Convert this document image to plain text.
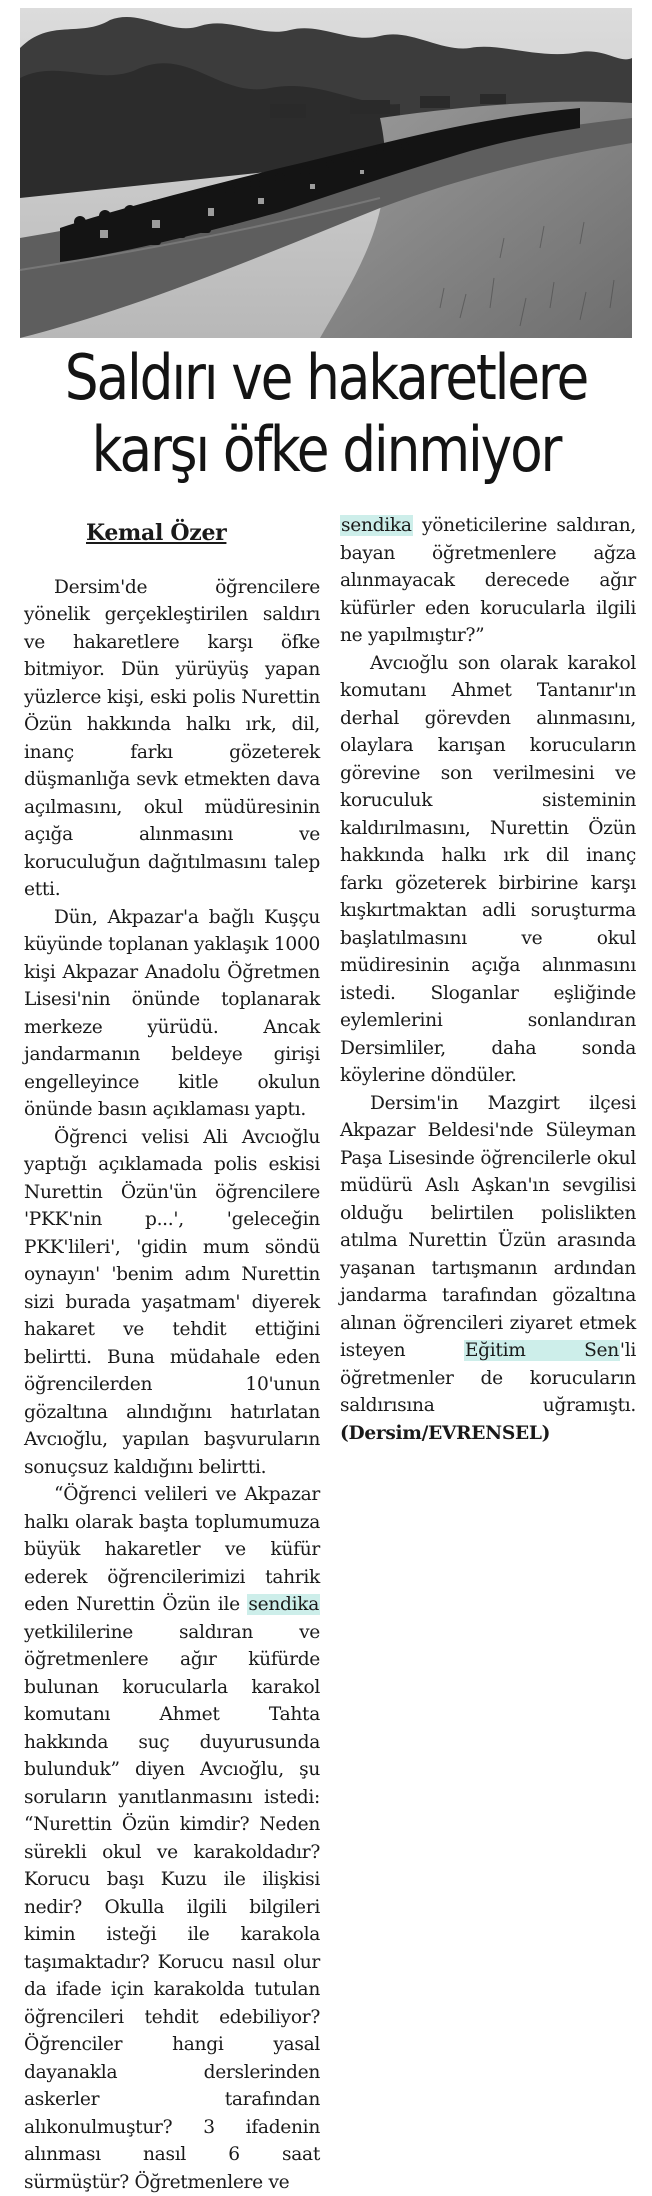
Saldırı ve hakaretlere
karşı öfke dinmiyor
Kemal Özer

Dersim'de öğrencilere yönelik gerçekleştirilen saldırı ve hakaretlere karşı öfke bitmiyor. Dün yürüyüş yapan yüzlerce kişi, eski polis Nurettin Özün hakkında halkı ırk, dil, inanç farkı gözeterek düşmanlığa sevk etmekten dava açılmasını, okul müdüresinin açığa alınmasını ve koruculuğun dağıtılmasını talep etti.

Dün, Akpazar'a bağlı Kuşçu küyünde toplanan yaklaşık 1000 kişi Akpazar Anadolu Öğretmen Lisesi'nin önünde toplanarak merkeze yürüdü. Ancak jandarmanın beldeye girişi engelleyince kitle okulun önünde basın açıklaması yaptı.

Öğrenci velisi Ali Avcıoğlu yaptığı açıklamada polis eskisi Nurettin Özün'ün öğrencilere 'PKK'nin p...', 'geleceğin PKK'lileri', 'gidin mum söndü oynayın' 'benim adım Nurettin sizi burada yaşatmam' diyerek hakaret ve tehdit ettiğini belirtti. Buna müdahale eden öğrencilerden 10'unun gözaltına alındığını hatırlatan Avcıoğlu, yapılan başvuruların sonuçsuz kaldığını belirtti.

“Öğrenci velileri ve Akpazar halkı olarak başta toplumumuza büyük hakaretler ve küfür ederek öğrencilerimizi tahrik eden Nurettin Özün ile sendika yetkililerine saldıran ve öğretmenlere ağır küfürde bulunan korucularla karakol komutanı Ahmet Tahta hakkında suç duyurusunda bulunduk” diyen Avcıoğlu, şu soruların yanıtlanmasını istedi: “Nurettin Özün kimdir? Neden sürekli okul ve karakoldadır? Korucu başı Kuzu ile ilişkisi nedir? Okulla ilgili bilgileri kimin isteği ile karakola taşımaktadır? Korucu nasıl olur da ifade için karakolda tutulan öğrencileri tehdit edebiliyor? Öğrenciler hangi yasal dayanakla derslerinden askerler tarafından alıkonulmuştur? 3 ifadenin alınması nasıl 6 saat sürmüştür? Öğretmenlere ve

sendika yöneticilerine saldıran, bayan öğretmenlere ağza alınmayacak derecede ağır küfürler eden korucularla ilgili ne yapılmıştır?”

Avcıoğlu son olarak karakol komutanı Ahmet Tantanır'ın derhal görevden alınmasını, olaylara karışan korucuların görevine son verilmesini ve koruculuk sisteminin kaldırılmasını, Nurettin Özün hakkında halkı ırk dil inanç farkı gözeterek birbirine karşı kışkırtmaktan adli soruşturma başlatılmasını ve okul müdiresinin açığa alınmasını istedi. Sloganlar eşliğinde eylemlerini sonlandıran Dersimliler, daha sonda köylerine döndüler.

Dersim'in Mazgirt ilçesi Akpazar Beldesi'nde Süleyman Paşa Lisesinde öğrencilerle okul müdürü Aslı Aşkan'ın sevgilisi olduğu belirtilen polislikten atılma Nurettin Üzün arasında yaşanan tartışmanın ardından jandarma tarafından gözaltına alınan öğrencileri ziyaret etmek isteyen Eğitim Sen'li öğretmenler de korucuların saldırısına uğramıştı. (Dersim/EVRENSEL)
